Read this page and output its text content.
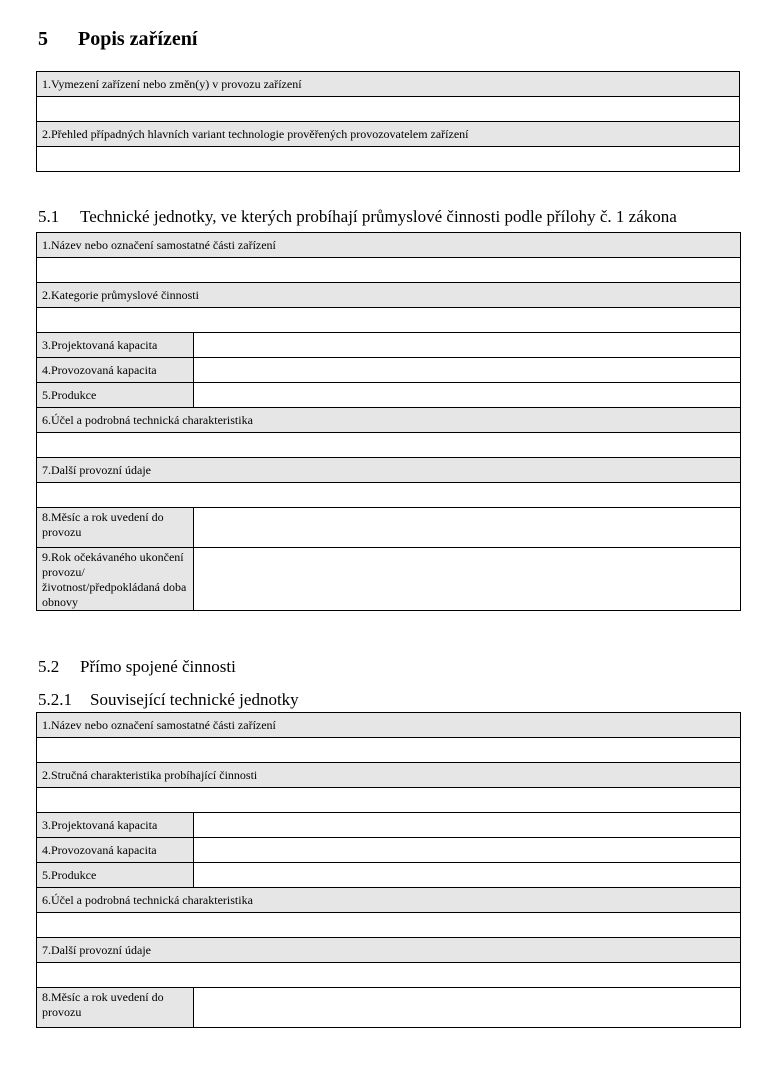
5 Popis zařízení
1.Vymezení zařízení nebo změn(y) v provozu zařízení

2.Přehled případných hlavních variant technologie prověřených provozovatelem zařízení

5.1 Technické jednotky, ve kterých probíhají průmyslové činnosti podle přílohy č. 1 zákona
1.Název nebo označení samostatné části zařízení	

2.Kategorie průmyslové činnosti	

3.Projektovaná kapacita	
4.Provozovaná kapacita	
5.Produkce	
6.Účel a podrobná technická charakteristika	

7.Další provozní údaje	

8.Měsíc a rok uvedení do provozu	
9.Rok očekávaného ukončení provozu/ životnost/předpokládaná doba obnovy	
5.2 Přímo spojené činnosti
5.2.1 Související technické jednotky
1.Název nebo označení samostatné části zařízení	

2.Stručná charakteristika probíhající činnosti	

3.Projektovaná kapacita	
4.Provozovaná kapacita	
5.Produkce	
6.Účel a podrobná technická charakteristika	

7.Další provozní údaje	

8.Měsíc a rok uvedení do provozu	
